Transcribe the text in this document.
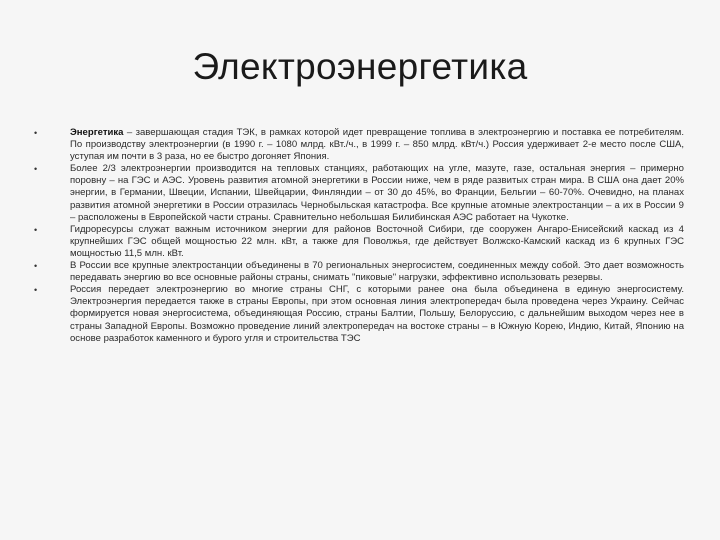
Электроэнергетика
•	Энергетика – завершающая стадия ТЭК, в рамках которой идет превращение топлива в электроэнергию и поставка ее потребителям. По производству электроэнергии (в 1990 г. – 1080 млрд. кВт./ч., в 1999 г. – 850 млрд. кВт/ч.) Россия удерживает 2-е место после США, уступая им почти в 3 раза, но ее быстро догоняет Япония.
•	Более 2/3 электроэнергии производится на тепловых станциях, работающих на угле, мазуте, газе, остальная энергия – примерно поровну – на ГЭС и АЭС. Уровень развития атомной энергетики в России ниже, чем в ряде развитых стран мира. В США она дает 20% энергии, в Германии, Швеции, Испании, Швейцарии, Финляндии – от 30 до 45%, во Франции, Бельгии – 60-70%. Очевидно, на планах развития атомной энергетики в России отразилась Чернобыльская катастрофа. Все крупные атомные электростанции – а их в России 9 – расположены в Европейской части страны. Сравнительно небольшая Билибинская АЭС работает на Чукотке.
•	Гидроресурсы служат важным источником энергии для районов Восточной Сибири, где сооружен Ангаро-Енисейский каскад из 4 крупнейших ГЭС общей мощностью 22 млн. кВт, а также для Поволжья, где действует Волжско-Камский каскад из 6 крупных ГЭС мощностью 11,5 млн. кВт.
•	В России все крупные электростанции объединены в 70 региональных энергосистем, соединенных между собой. Это дает возможность передавать энергию во все основные районы страны, снимать "пиковые" нагрузки, эффективно использовать резервы.
•	Россия передает электроэнергию во многие страны СНГ, с которыми ранее она была объединена в единую энергосистему. Электроэнергия передается также в страны Европы, при этом основная линия электропередач была проведена через Украину. Сейчас формируется новая энергосистема, объединяющая Россию, страны Балтии, Польшу, Белоруссию, с дальнейшим выходом через нее в страны Западной Европы. Возможно проведение линий электропередач на востоке страны – в Южную Корею, Индию, Китай, Японию на основе разработок каменного и бурого угля и строительства ТЭС
